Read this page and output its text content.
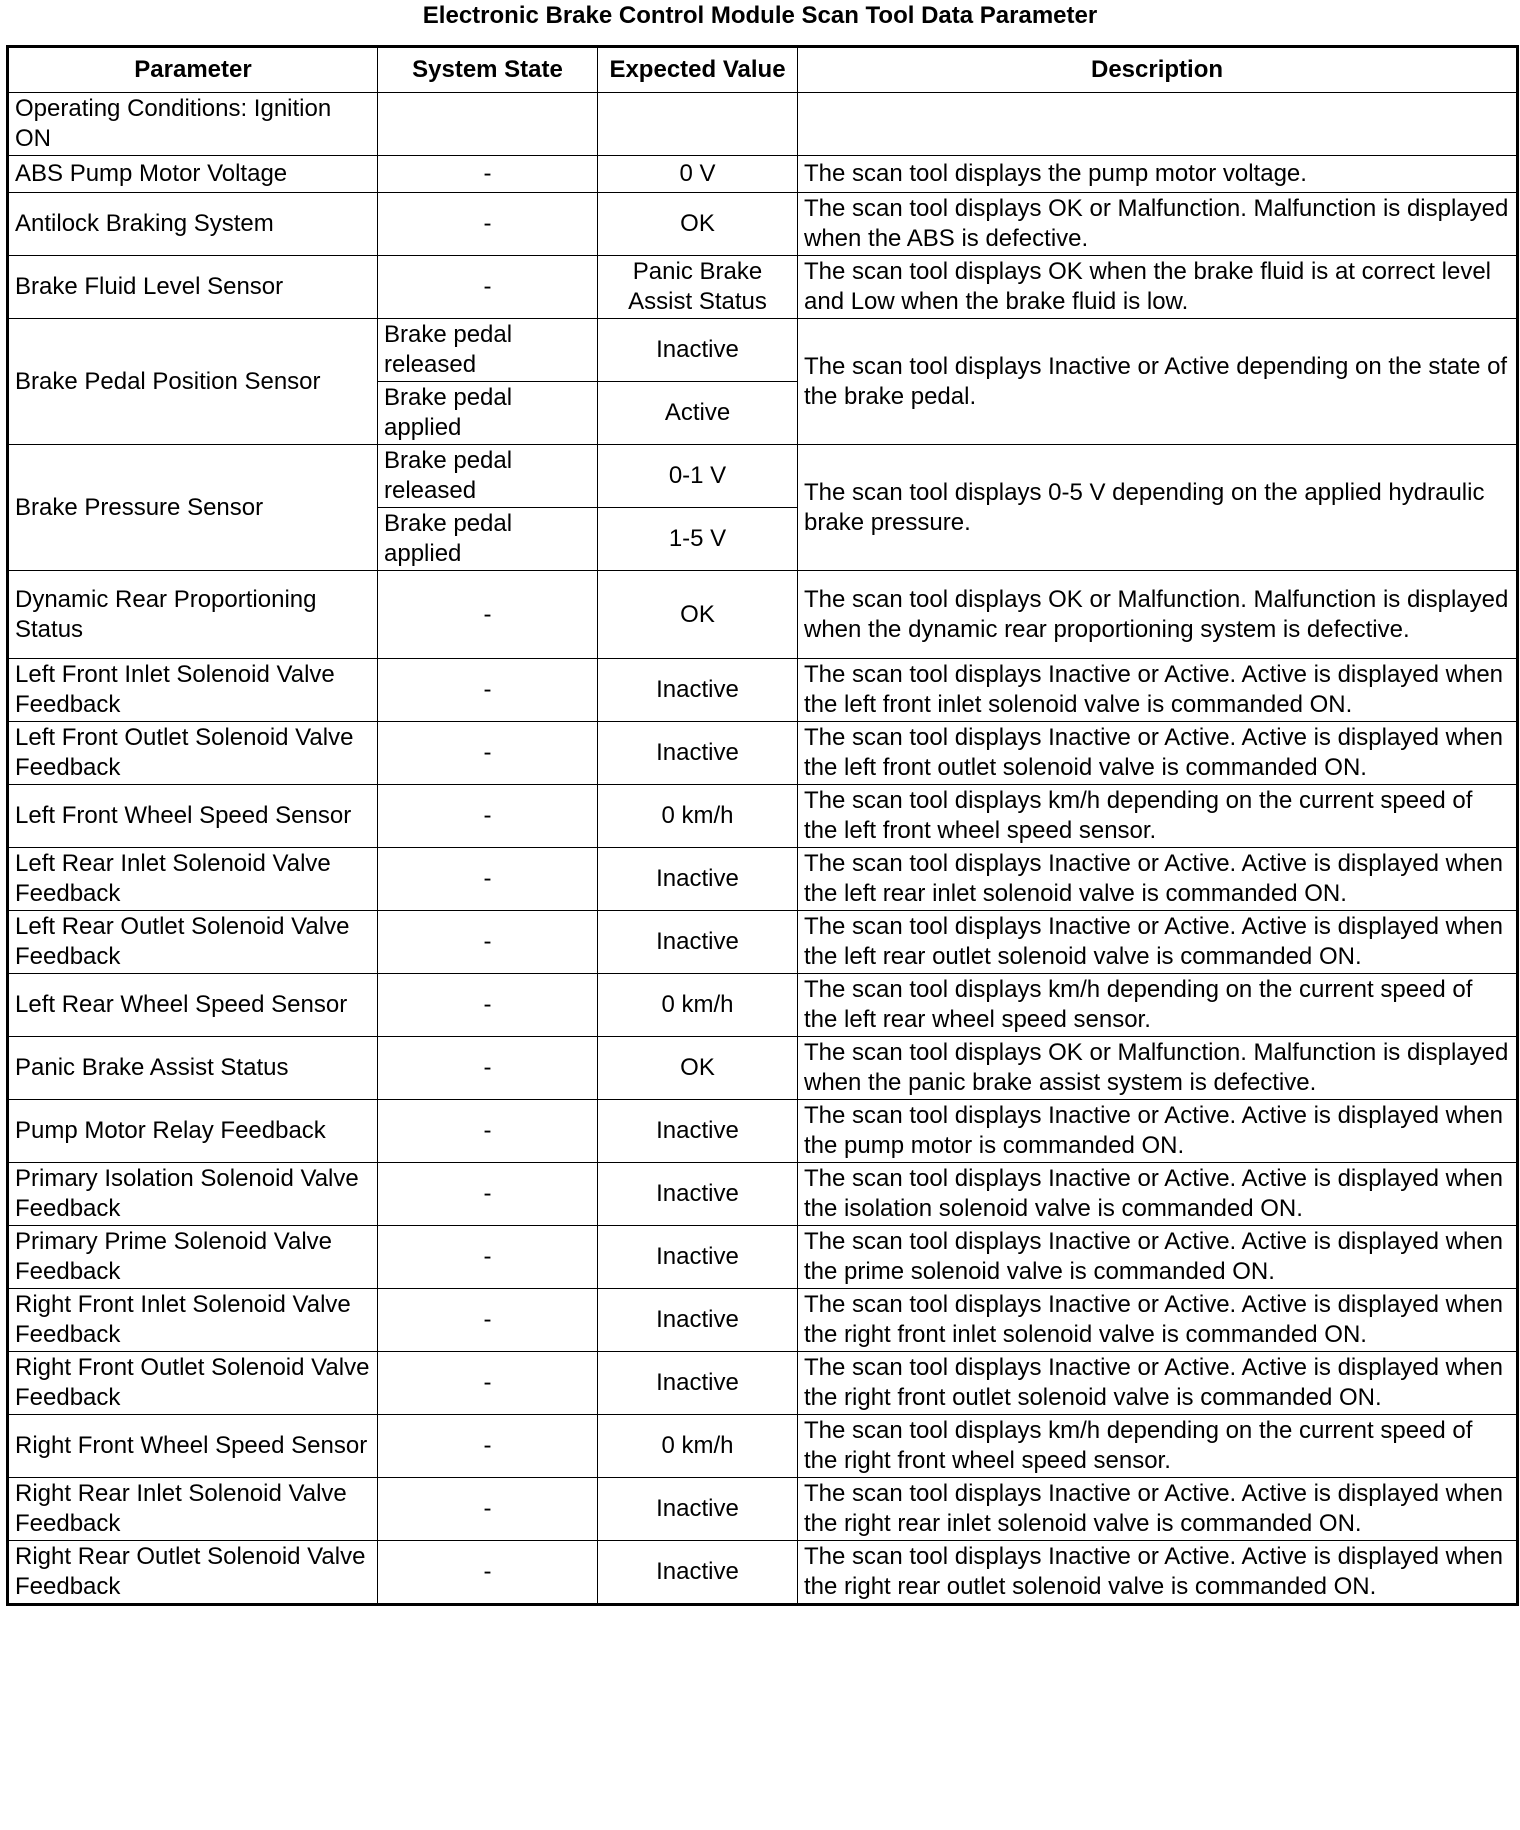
Electronic Brake Control Module Scan Tool Data Parameter
Parameter	System State	Expected Value	Description
Operating Conditions: Ignition ON			
ABS Pump Motor Voltage	-	0 V	The scan tool displays the pump motor voltage.
Antilock Braking System	-	OK	The scan tool displays OK or Malfunction. Malfunction is displayed when the ABS is defective.
Brake Fluid Level Sensor	-	Panic Brake Assist Status	The scan tool displays OK when the brake fluid is at correct level and Low when the brake fluid is low.
Brake Pedal Position Sensor	Brake pedal released	Inactive	The scan tool displays Inactive or Active depending on the state of the brake pedal.
	Brake pedal applied	Active	
Brake Pressure Sensor	Brake pedal released	0-1 V	The scan tool displays 0-5 V depending on the applied hydraulic brake pressure.
	Brake pedal applied	1-5 V	
Dynamic Rear Proportioning Status	-	OK	The scan tool displays OK or Malfunction. Malfunction is displayed when the dynamic rear proportioning system is defective.
Left Front Inlet Solenoid Valve Feedback	-	Inactive	The scan tool displays Inactive or Active. Active is displayed when the left front inlet solenoid valve is commanded ON.
Left Front Outlet Solenoid Valve Feedback	-	Inactive	The scan tool displays Inactive or Active. Active is displayed when the left front outlet solenoid valve is commanded ON.
Left Front Wheel Speed Sensor	-	0 km/h	The scan tool displays km/h depending on the current speed of the left front wheel speed sensor.
Left Rear Inlet Solenoid Valve Feedback	-	Inactive	The scan tool displays Inactive or Active. Active is displayed when the left rear inlet solenoid valve is commanded ON.
Left Rear Outlet Solenoid Valve Feedback	-	Inactive	The scan tool displays Inactive or Active. Active is displayed when the left rear outlet solenoid valve is commanded ON.
Left Rear Wheel Speed Sensor	-	0 km/h	The scan tool displays km/h depending on the current speed of the left rear wheel speed sensor.
Panic Brake Assist Status	-	OK	The scan tool displays OK or Malfunction. Malfunction is displayed when the panic brake assist system is defective.
Pump Motor Relay Feedback	-	Inactive	The scan tool displays Inactive or Active. Active is displayed when the pump motor is commanded ON.
Primary Isolation Solenoid Valve Feedback	-	Inactive	The scan tool displays Inactive or Active. Active is displayed when the isolation solenoid valve is commanded ON.
Primary Prime Solenoid Valve Feedback	-	Inactive	The scan tool displays Inactive or Active. Active is displayed when the prime solenoid valve is commanded ON.
Right Front Inlet Solenoid Valve Feedback	-	Inactive	The scan tool displays Inactive or Active. Active is displayed when the right front inlet solenoid valve is commanded ON.
Right Front Outlet Solenoid Valve Feedback	-	Inactive	The scan tool displays Inactive or Active. Active is displayed when the right front outlet solenoid valve is commanded ON.
Right Front Wheel Speed Sensor	-	0 km/h	The scan tool displays km/h depending on the current speed of the right front wheel speed sensor.
Right Rear Inlet Solenoid Valve Feedback	-	Inactive	The scan tool displays Inactive or Active. Active is displayed when the right rear inlet solenoid valve is commanded ON.
Right Rear Outlet Solenoid Valve Feedback	-	Inactive	The scan tool displays Inactive or Active. Active is displayed when the right rear outlet solenoid valve is commanded ON.
